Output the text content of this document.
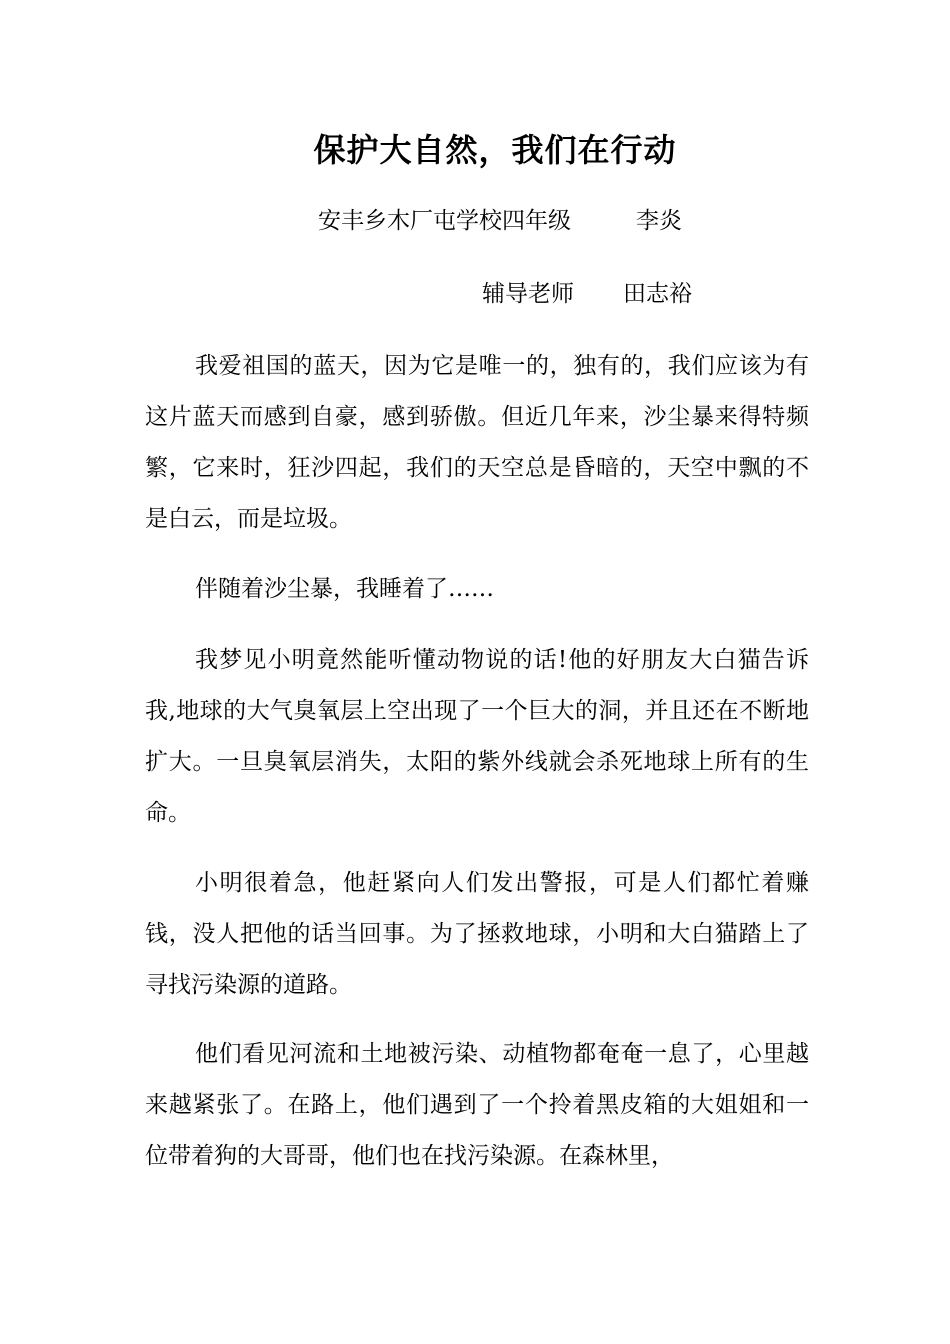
保护大自然，我们在行动
安丰乡木厂屯学校四年级	李炎
辅导老师 田志裕

我爱祖国的蓝天，因为它是唯一的，独有的，我们应该为有这片蓝天而感到自豪，感到骄傲。但近几年来，沙尘暴来得特频繁，它来时，狂沙四起，我们的天空总是昏暗的，天空中飘的不是白云，而是垃圾。

伴随着沙尘暴，我睡着了……

我梦见小明竟然能听懂动物说的话!他的好朋友大白猫告诉我,地球的大气臭氧层上空出现了一个巨大的洞，并且还在不断地扩大。一旦臭氧层消失，太阳的紫外线就会杀死地球上所有的生命。

小明很着急，他赶紧向人们发出警报，可是人们都忙着赚钱，没人把他的话当回事。为了拯救地球，小明和大白猫踏上了寻找污染源的道路。

他们看见河流和土地被污染、动植物都奄奄一息了，心里越来越紧张了。在路上，他们遇到了一个拎着黑皮箱的大姐姐和一位带着狗的大哥哥，他们也在找污染源。在森林里，
